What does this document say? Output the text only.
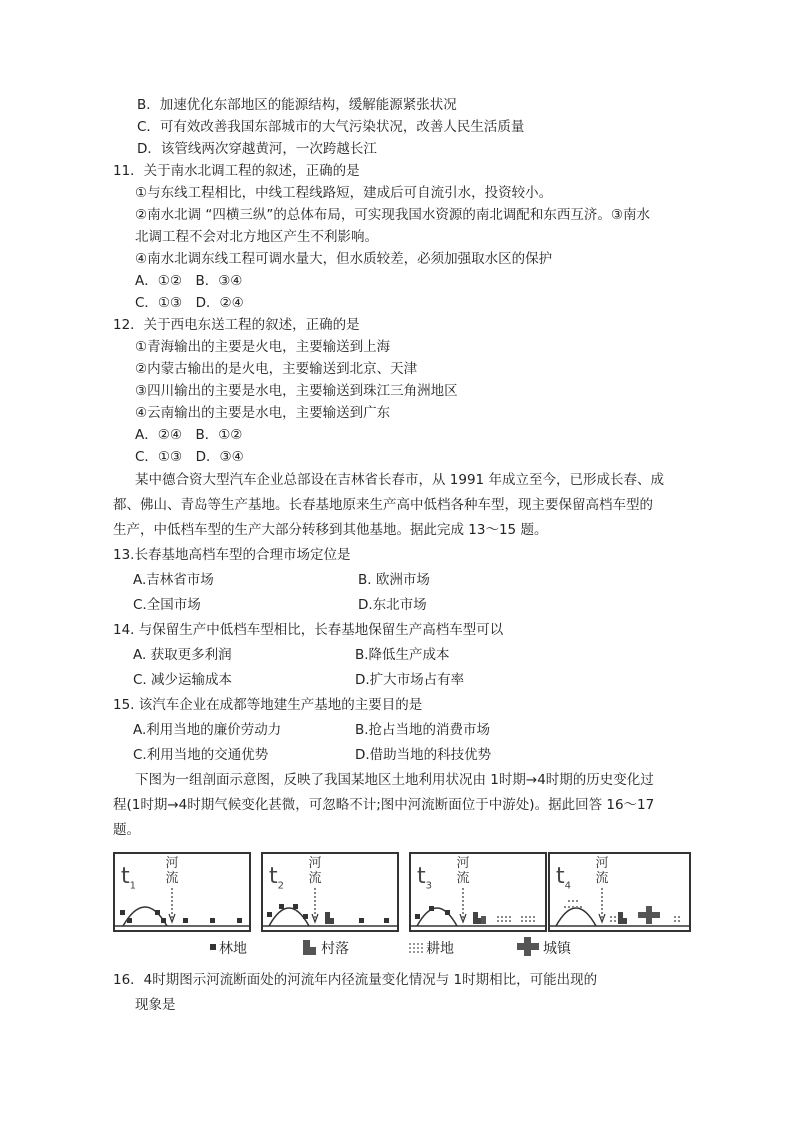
B．加速优化东部地区的能源结构，缓解能源紧张状况
C．可有效改善我国东部城市的大气污染状况，改善人民生活质量
D．该管线两次穿越黄河，一次跨越长江
11．关于南水北调工程的叙述，正确的是
①与东线工程相比，中线工程线路短，建成后可自流引水，投资较小。
②南水北调 “四横三纵”的总体布局，可实现我国水资源的南北调配和东西互济。③南水
北调工程不会对北方地区产生不利影响。
④南水北调东线工程可调水量大，但水质较差，必须加强取水区的保护
A．①②　B．③④
C．①③　D．②④
12．关于西电东送工程的叙述，正确的是
①青海输出的主要是火电，主要输送到上海
②内蒙古输出的是火电，主要输送到北京、天津
③四川输出的主要是水电，主要输送到珠江三角洲地区
④云南输出的主要是水电，主要输送到广东
A．②④　B．①②
C．①③　D．③④
某中德合资大型汽车企业总部设在吉林省长春市，从 1991 年成立至今，已形成长春、成
都、佛山、青岛等生产基地。长春基地原来生产高中低档各种车型，现主要保留高档车型的
生产，中低档车型的生产大部分转移到其他基地。据此完成 13～15 题。
13.长春基地高档车型的合理市场定位是
A.吉林省市场	B. 欧洲市场
C.全国市场	D.东北市场
14. 与保留生产中低档车型相比，长春基地保留生产高档车型可以
A. 获取更多利润	B.降低生产成本
C. 减少运输成本	D.扩大市场占有率
15. 该汽车企业在成都等地建生产基地的主要目的是
A.利用当地的廉价劳动力	B.抢占当地的消费市场
C.利用当地的交通优势	D.借助当地的科技优势
下图为一组剖面示意图，反映了我国某地区土地利用状况由 1时期→4时期的历史变化过
程(1时期→4时期气候变化甚微，可忽略不计;图中河流断面位于中游处)。据此回答 16～17
题。
$t_1$
河流	$t_2$
河流	$t_3$
河流	$t_4$
河流
林地	村落	耕地	城镇
16．4时期图示河流断面处的河流年内径流量变化情况与 1时期相比，可能出现的
现象是
